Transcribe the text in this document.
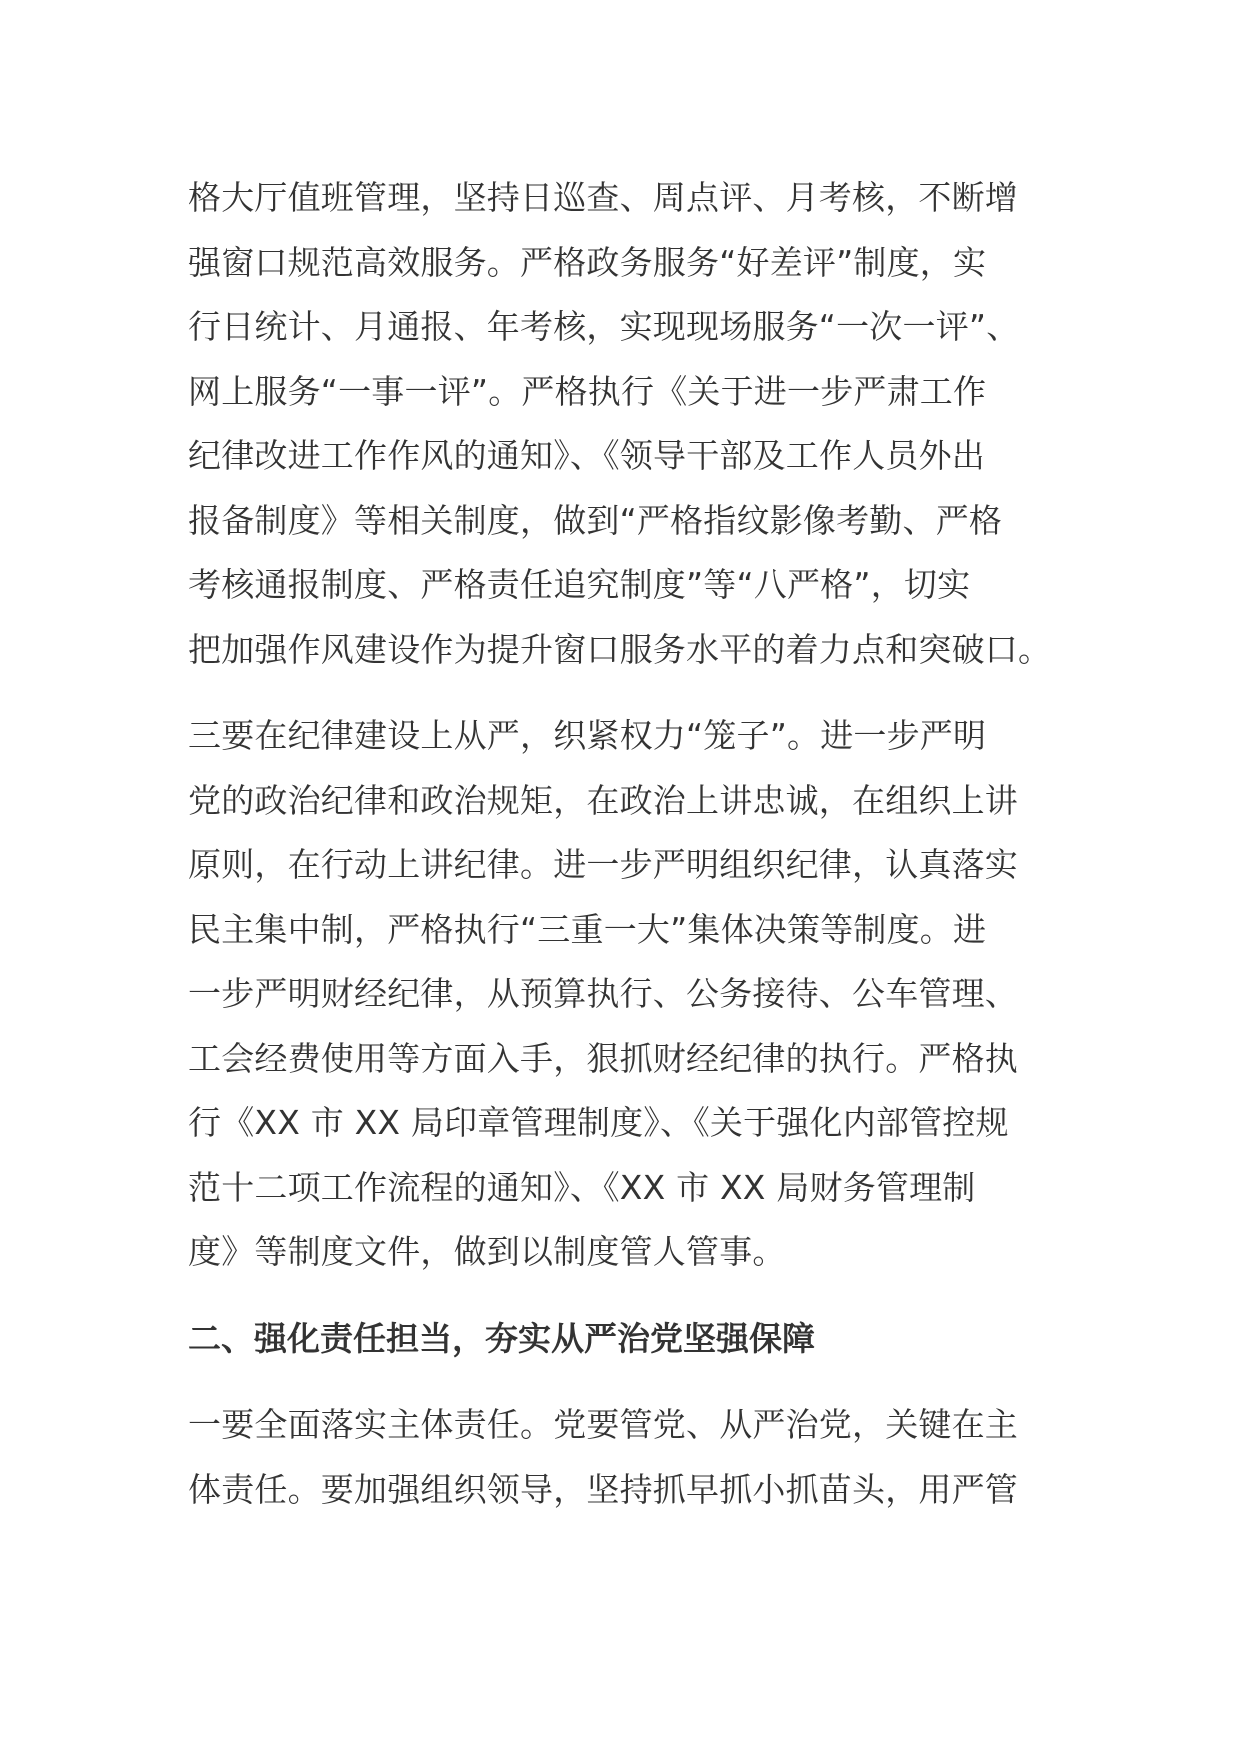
格大厅值班管理，坚持日巡查、周点评、月考核，不断增
强窗口规范高效服务。严格政务服务“好差评”制度，实
行日统计、月通报、年考核，实现现场服务“一次一评”、
网上服务“一事一评”。严格执行《关于进一步严肃工作
纪律改进工作作风的通知》、《领导干部及工作人员外出
报备制度》等相关制度，做到“严格指纹影像考勤、严格
考核通报制度、严格责任追究制度”等“八严格”，切实
把加强作风建设作为提升窗口服务水平的着力点和突破口。

三要在纪律建设上从严，织紧权力“笼子”。进一步严明
党的政治纪律和政治规矩，在政治上讲忠诚，在组织上讲
原则，在行动上讲纪律。进一步严明组织纪律，认真落实
民主集中制，严格执行“三重一大”集体决策等制度。进
一步严明财经纪律，从预算执行、公务接待、公车管理、
工会经费使用等方面入手，狠抓财经纪律的执行。严格执
行《XX 市 XX 局印章管理制度》、《关于强化内部管控规
范十二项工作流程的通知》、《XX 市 XX 局财务管理制
度》等制度文件，做到以制度管人管事。

二、强化责任担当，夯实从严治党坚强保障

一要全面落实主体责任。党要管党、从严治党，关键在主
体责任。要加强组织领导，坚持抓早抓小抓苗头，用严管
